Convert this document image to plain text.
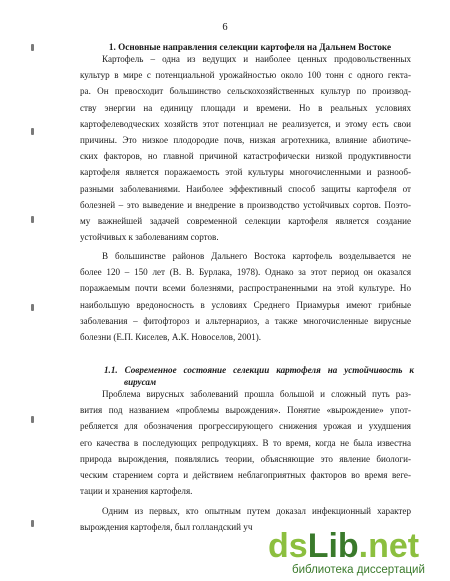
6
1. Основные направления селекции картофеля на Дальнем Востоке
Картофель – одна из ведущих и наиболее ценных продовольственных
культур в мире с потенциальной урожайностью около 100 тонн с одного гекта-
ра. Он превосходит большинство сельскохозяйственных культур по производ-
ству энергии на единицу площади и времени. Но в реальных условиях
картофелеводческих хозяйств этот потенциал не реализуется, и этому есть свои
причины. Это низкое плодородие почв, низкая агротехника, влияние абиотиче-
ских факторов, но главной причиной катастрофически низкой продуктивности
картофеля является поражаемость этой культуры многочисленными и разнооб-
разными заболеваниями. Наиболее эффективный способ защиты картофеля от
болезней – это выведение и внедрение в производство устойчивых сортов. Поэто-
му важнейшей задачей современной селекции картофеля является создание
устойчивых к заболеваниям сортов.
В большинстве районов Дальнего Востока картофель возделывается не
более 120 – 150 лет (В. В. Бурлака, 1978). Однако за этот период он оказался
поражаемым почти всеми болезнями, распространенными на этой культуре. Но
наибольшую вредоносность в условиях Среднего Приамурья имеют грибные
заболевания – фитофтороз и альтернариоз, а также многочисленные вирусные
болезни (Е.П. Киселев, А.К. Новоселов, 2001).
1.1. Современное состояние селекции картофеля на устойчивость к
вирусам
Проблема вирусных заболеваний прошла большой и сложный путь раз-
вития под названием «проблемы вырождения». Понятие «вырождение» упот-
ребляется для обозначения прогрессирующего снижения урожая и ухудшения
его качества в последующих репродукциях. В то время, когда не была известна
природа вырождения, появлялись теории, объясняющие это явление биологи-
ческим старением сорта и действием неблагоприятных факторов во время веге-
тации и хранения картофеля.
Одним из первых, кто опытным путем доказал инфекционный характер
вырождения картофеля, был голландский уч dsLib.net
библиотека диссертаций
